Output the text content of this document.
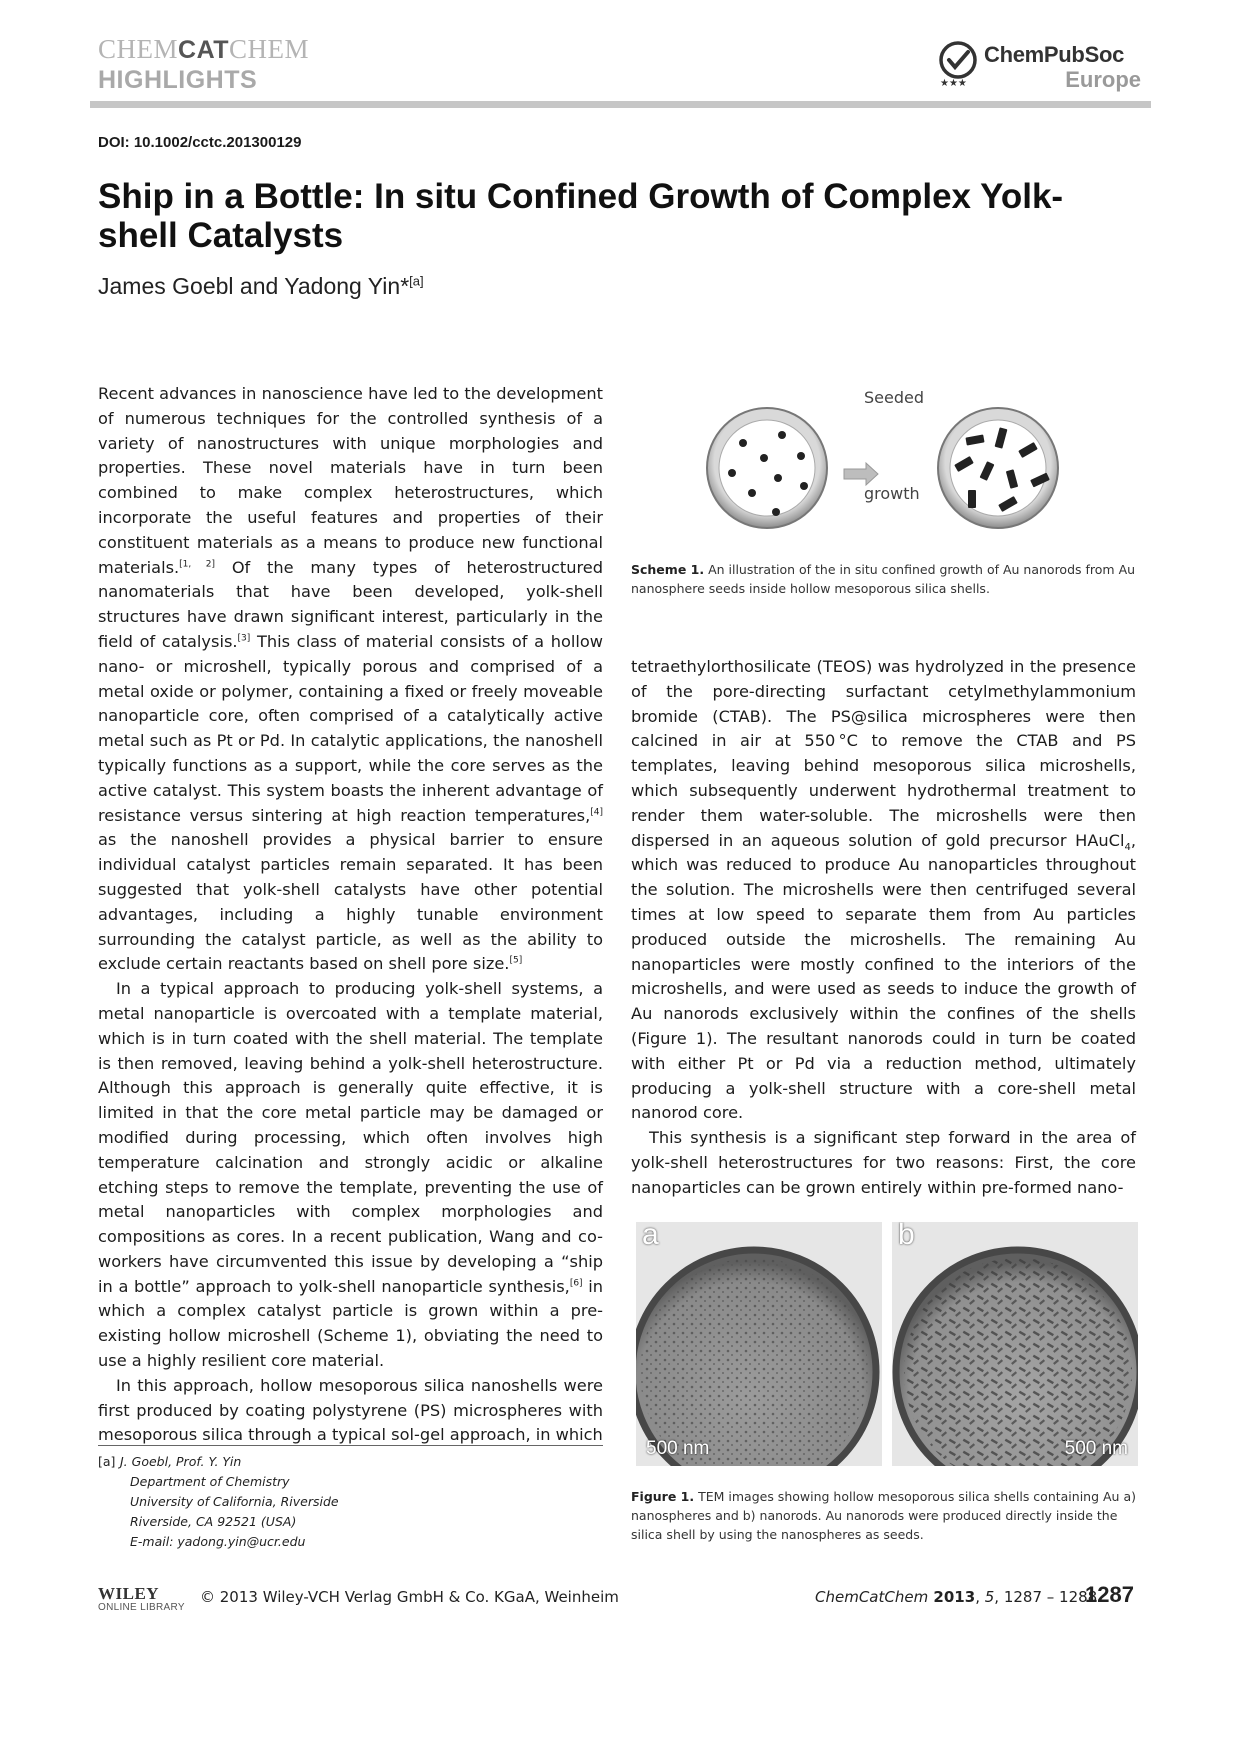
CHEMCATCHEM
HIGHLIGHTS	★★★
ChemPubSoc
Europe
DOI: 10.1002/cctc.201300129
Ship in a Bottle: In situ Confined Growth of Complex Yolk-shell Catalysts
James Goebl and Yadong Yin*[a]

Recent advances in nanoscience have led to the development of numerous techniques for the controlled synthesis of a variety of nanostructures with unique morphologies and properties. These novel materials have in turn been combined to make complex heterostructures, which incorporate the useful features and properties of their constituent materials as a means to produce new functional materials.[1, 2] Of the many types of heterostructured nanomaterials that have been developed, yolk-shell structures have drawn significant interest, particularly in the field of catalysis.[3] This class of material consists of a hollow nano- or microshell, typically porous and comprised of a metal oxide or polymer, containing a fixed or freely moveable nanoparticle core, often comprised of a catalytically active metal such as Pt or Pd. In catalytic applications, the nanoshell typically functions as a support, while the core serves as the active catalyst. This system boasts the inherent advantage of resistance versus sintering at high reaction temperatures,[4] as the nanoshell provides a physical barrier to ensure individual catalyst particles remain separated. It has been suggested that yolk-shell catalysts have other potential advantages, including a highly tunable environment surrounding the catalyst particle, as well as the ability to exclude certain reactants based on shell pore size.[5]

In a typical approach to producing yolk-shell systems, a metal nanoparticle is overcoated with a template material, which is in turn coated with the shell material. The template is then removed, leaving behind a yolk-shell heterostructure. Although this approach is generally quite effective, it is limited in that the core metal particle may be damaged or modified during processing, which often involves high temperature calcination and strongly acidic or alkaline etching steps to remove the template, preventing the use of metal nanoparticles with complex morphologies and compositions as cores. In a recent publication, Wang and co-workers have circumvented this issue by developing a “ship in a bottle” approach to yolk-shell nanoparticle synthesis,[6] in which a complex catalyst particle is grown within a pre-existing hollow microshell (Scheme 1), obviating the need to use a highly resilient core material.

In this approach, hollow mesoporous silica nanoshells were first produced by coating polystyrene (PS) microspheres with mesoporous silica through a typical sol-gel approach, in which

Seeded
growth
Scheme 1. An illustration of the in situ confined growth of Au nanorods from Au nanosphere seeds inside hollow mesoporous silica shells.

tetraethylorthosilicate (TEOS) was hydrolyzed in the presence of the pore-directing surfactant cetylmethylammonium bromide (CTAB). The PS@silica microspheres were then calcined in air at 550 °C to remove the CTAB and PS templates, leaving behind mesoporous silica microshells, which subsequently underwent hydrothermal treatment to render them water-soluble. The microshells were then dispersed in an aqueous solution of gold precursor HAuCl$_4$, which was reduced to produce Au nanoparticles throughout the solution. The microshells were then centrifuged several times at low speed to separate them from Au particles produced outside the microshells. The remaining Au nanoparticles were mostly confined to the interiors of the microshells, and were used as seeds to induce the growth of Au nanorods exclusively within the confines of the shells (Figure 1). The resultant nanorods could in turn be coated with either Pt or Pd via a reduction method, ultimately producing a yolk-shell structure with a core-shell metal nanorod core.

This synthesis is a significant step forward in the area of yolk-shell heterostructures for two reasons: First, the core nanoparticles can be grown entirely within pre-formed nano-

a
500 nm
b
500 nm
Figure 1. TEM images showing hollow mesoporous silica shells containing Au a) nanospheres and b) nanorods. Au nanorods were produced directly inside the silica shell by using the nanospheres as seeds.
[a] J. Goebl, Prof. Y. Yin
Department of Chemistry
University of California, Riverside
Riverside, CA 92521 (USA)
E-mail: yadong.yin@ucr.edu
WILEY
ONLINE LIBRARY
© 2013 Wiley-VCH Verlag GmbH & Co. KGaA, Weinheim	ChemCatChem 2013, 5, 1287 – 1288
1287
